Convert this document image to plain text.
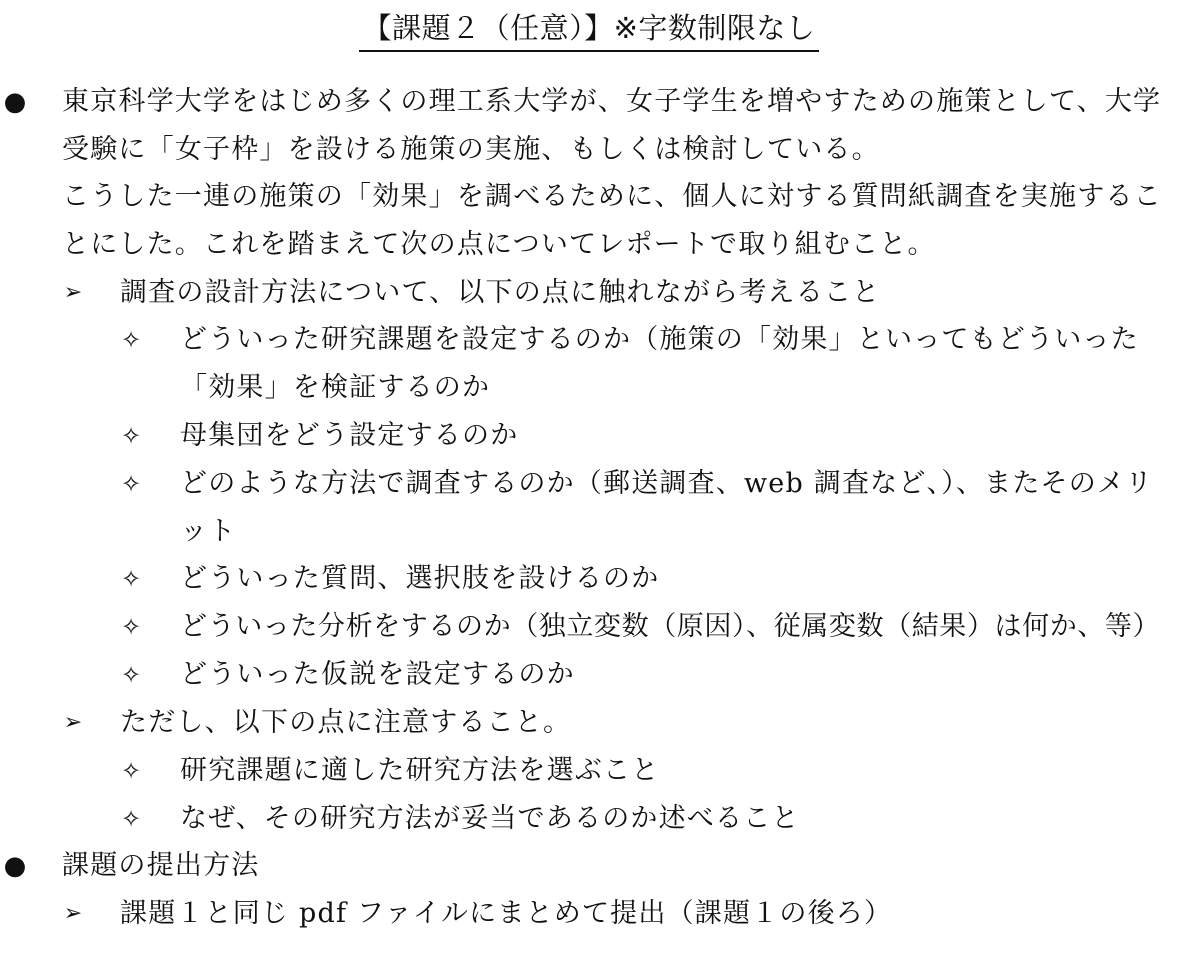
【課題２（任意）】※字数制限なし
● 東京科学大学をはじめ多くの理工系大学が、女子学生を増やすための施策として、大学
受験に「女子枠」を設ける施策の実施、もしくは検討している。
こうした一連の施策の「効果」を調べるために、個人に対する質問紙調査を実施するこ
とにした。これを踏まえて次の点についてレポートで取り組むこと。
➢ 調査の設計方法について、以下の点に触れながら考えること
✧ どういった研究課題を設定するのか（施策の「効果」といってもどういった
「効果」を検証するのか
✧ 母集団をどう設定するのか
✧ どのような方法で調査するのか（郵送調査、web 調査など、）、またそのメリ
ット
✧ どういった質問、選択肢を設けるのか
✧ どういった分析をするのか（独立変数（原因）、従属変数（結果）は何か、等）
✧ どういった仮説を設定するのか
➢ ただし、以下の点に注意すること。
✧ 研究課題に適した研究方法を選ぶこと
✧ なぜ、その研究方法が妥当であるのか述べること
● 課題の提出方法
➢ 課題１と同じ pdf ファイルにまとめて提出（課題１の後ろ）
